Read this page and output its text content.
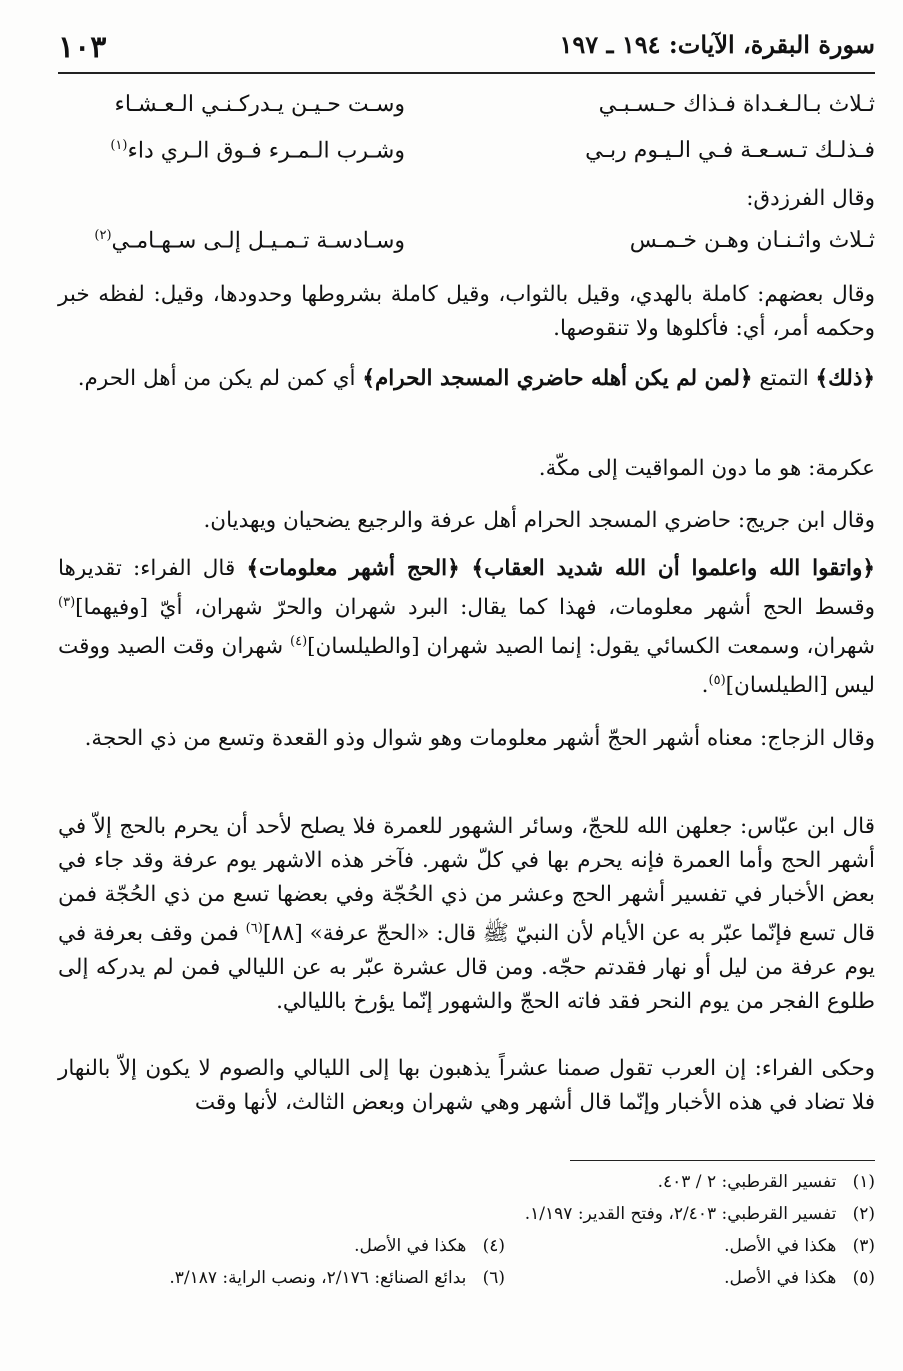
سورة البقرة، الآيات: ١٩٤ ـ ١٩٧
١٠٣
ثـلاث بـالـغـداة فـذاك حـسـبـي
وسـت حـيـن يـدركـنـي الـعـشـاء
فـذلـك تـسـعـة فـي الـيـوم ربـي
وشـرب الـمـرء فـوق الـري داء$^{(١)}$
وقال الفرزدق:
ثـلاث واثـنـان وهـن خـمـس
وسـادسـة تـمـيـل إلـى سـهـامـي$^{(٢)}$
وقال بعضهم: كاملة بالهدي، وقيل بالثواب، وقيل كاملة بشروطها وحدودها، وقيل: لفظه خبر وحكمه أمر، أي: فأكلوها ولا تنقوصها.
﴿ذلك﴾ التمتع ﴿لمن لم يكن أهله حاضري المسجد الحرام﴾ أي كمن لم يكن من أهل الحرم.
عكرمة: هو ما دون المواقيت إلى مكّة.
وقال ابن جريج: حاضري المسجد الحرام أهل عرفة والرجيع يضحيان ويهديان.
﴿واتقوا الله واعلموا أن الله شديد العقاب﴾ ﴿الحج أشهر معلومات﴾ قال الفراء: تقديرها وقسط الحج أشهر معلومات، فهذا كما يقال: البرد شهران والحرّ شهران، أيّ [وفيهما]$^{(٣)}$ شهران، وسمعت الكسائي يقول: إنما الصيد شهران [والطيلسان]$^{(٤)}$ شهران وقت الصيد ووقت ليس [الطيلسان]$^{(٥)}$.
وقال الزجاج: معناه أشهر الحجّ أشهر معلومات وهو شوال وذو القعدة وتسع من ذي الحجة.
قال ابن عبّاس: جعلهن الله للحجّ، وسائر الشهور للعمرة فلا يصلح لأحد أن يحرم بالحج إلاّ في أشهر الحج وأما العمرة فإنه يحرم بها في كلّ شهر. فآخر هذه الاشهر يوم عرفة وقد جاء في بعض الأخبار في تفسير أشهر الحج وعشر من ذي الحُجّة وفي بعضها تسع من ذي الحُجّة فمن قال تسع فإنّما عبّر به عن الأيام لأن النبيّ ﷺ قال: «الحجّ عرفة» [٨٨]$^{(٦)}$ فمن وقف بعرفة في يوم عرفة من ليل أو نهار فقدتم حجّه. ومن قال عشرة عبّر به عن الليالي فمن لم يدركه إلى طلوع الفجر من يوم النحر فقد فاته الحجّ والشهور إنّما يؤرخ بالليالي.
وحكى الفراء: إن العرب تقول صمنا عشراً يذهبون بها إلى الليالي والصوم لا يكون إلاّ بالنهار فلا تضاد في هذه الأخبار وإنّما قال أشهر وهي شهران وبعض الثالث، لأنها وقت
(١)   تفسير القرطبي: ٢ / ٤٠٣.
(٢)   تفسير القرطبي: ٢/٤٠٣، وفتح القدير: ١/١٩٧.
(٣)   هكذا في الأصل.
(٤)   هكذا في الأصل.
(٥)   هكذا في الأصل.
(٦)   بدائع الصنائع: ٢/١٧٦، ونصب الراية: ٣/١٨٧.
